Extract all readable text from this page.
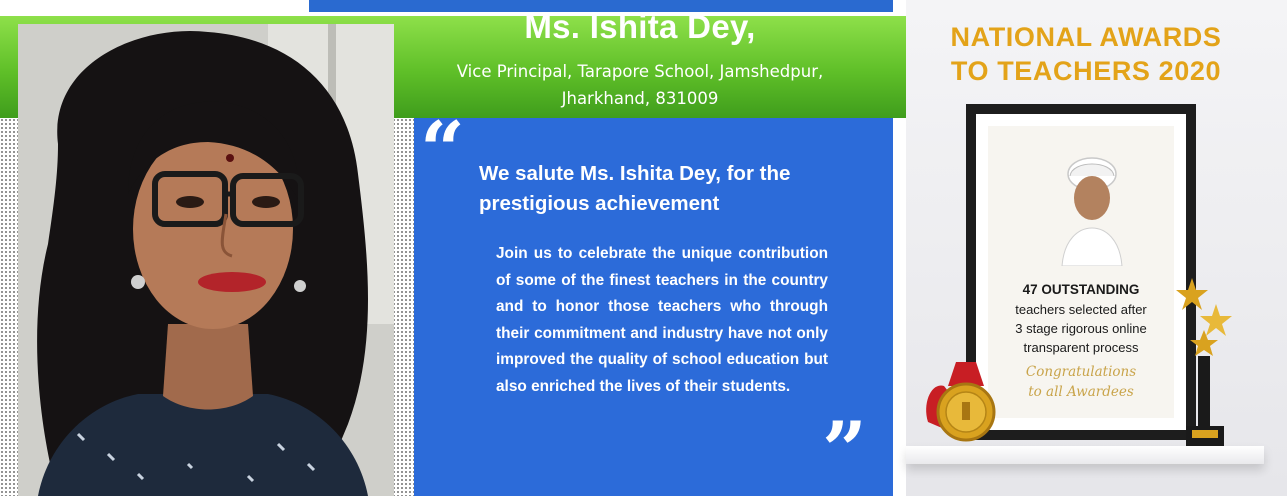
Ms. Ishita Dey,
Vice Principal, Tarapore School, Jamshedpur,
Jharkhand, 831009
“ We salute Ms. Ishita Dey, for the
prestigious achievement
Join us to celebrate the unique contribution of some of the finest teachers in the country and to honor those teachers who through their commitment and industry have not only improved the quality of school education but also enriched the lives of their students.
”
NATIONAL AWARDS
TO TEACHERS 2020
47 OUTSTANDING
teachers selected after
3 stage rigorous online
transparent process
Congratulations
to all Awardees
